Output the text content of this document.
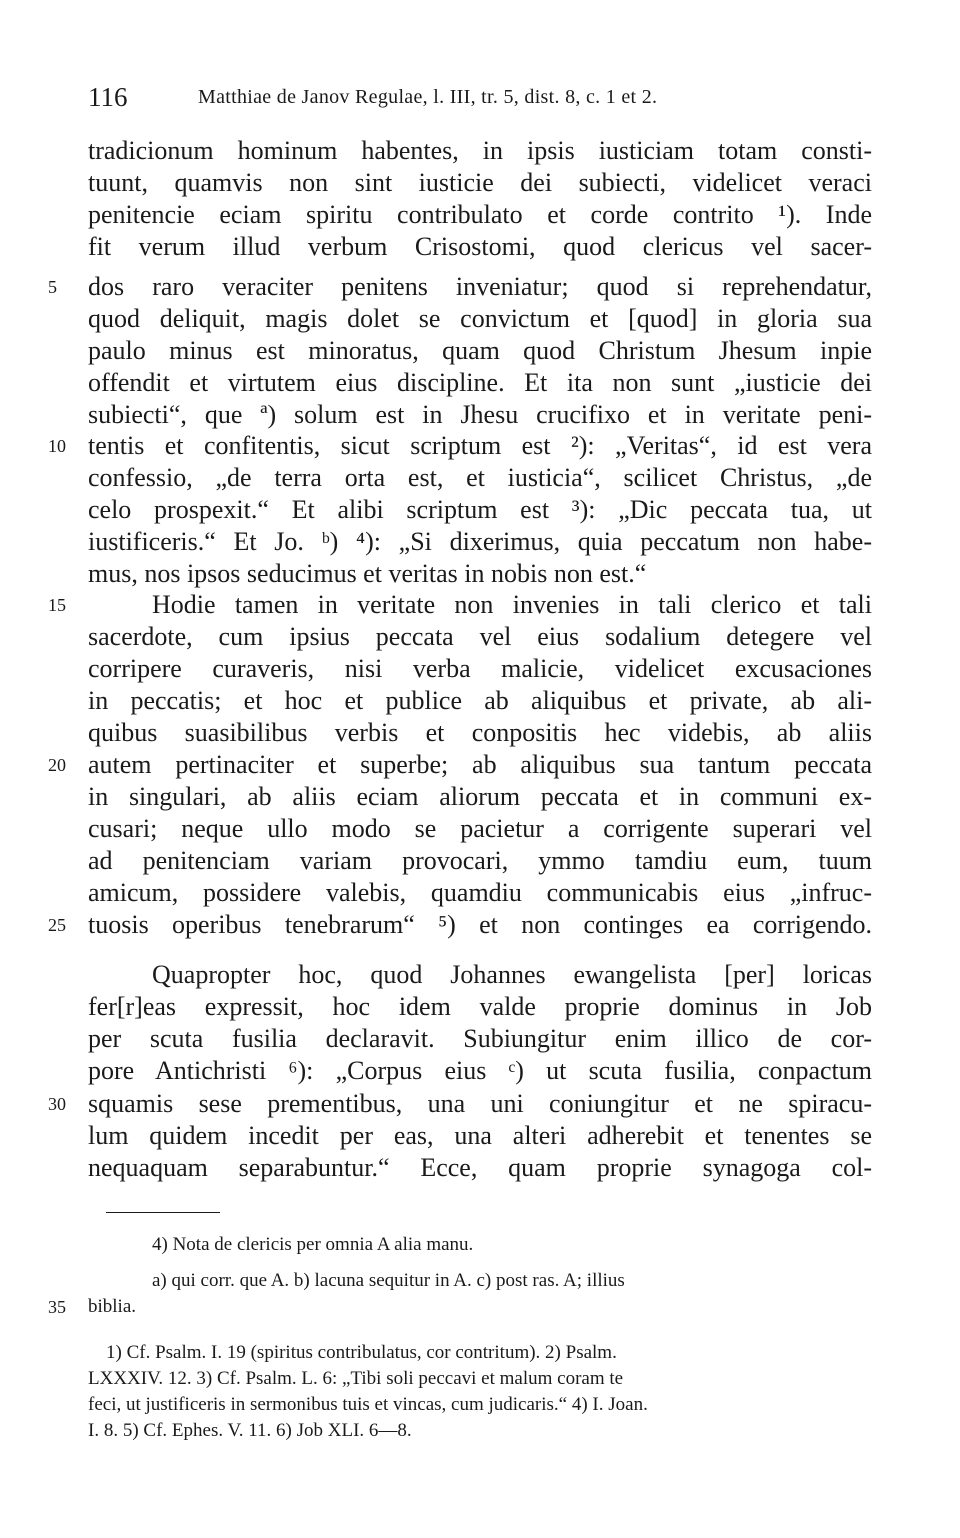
116	Matthiae de Janov Regulae, l. III, tr. 5, dist. 8, c. 1 et 2.
5
10
15
20
25
30
35
tradicionum hominum habentes, in ipsis iusticiam totam consti-
tuunt, quamvis non sint iusticie dei subiecti, videlicet veraci
penitencie eciam spiritu contribulato et corde contrito ¹). Inde
fit verum illud verbum Crisostomi, quod clericus vel sacer-
dos raro veraciter penitens inveniatur; quod si reprehendatur,
quod deliquit, magis dolet se convictum et [quod] in gloria sua
paulo minus est minoratus, quam quod Christum Jhesum inpie
offendit et virtutem eius discipline. Et ita non sunt „iusticie dei
subiecti“, que ª) solum est in Jhesu crucifixo et in veritate peni-
tentis et confitentis, sicut scriptum est ²): „Veritas“, id est vera
confessio, „de terra orta est, et iusticia“, scilicet Christus, „de
celo prospexit.“ Et alibi scriptum est ³): „Dic peccata tua, ut
iustificeris.“ Et Jo. ᵇ) ⁴): „Si dixerimus, quia peccatum non habe-
mus, nos ipsos seducimus et veritas in nobis non est.“
Hodie tamen in veritate non invenies in tali clerico et tali
sacerdote, cum ipsius peccata vel eius sodalium detegere vel
corripere curaveris, nisi verba malicie, videlicet excusaciones
in peccatis; et hoc et publice ab aliquibus et private, ab ali-
quibus suasibilibus verbis et conpositis hec videbis, ab aliis
autem pertinaciter et superbe; ab aliquibus sua tantum peccata
in singulari, ab aliis eciam aliorum peccata et in communi ex-
cusari; neque ullo modo se pacietur a corrigente superari vel
ad penitenciam variam provocari, ymmo tamdiu eum, tuum
amicum, possidere valebis, quamdiu communicabis eius „infruc-
tuosis operibus tenebrarum“ ⁵) et non continges ea corrigendo.
Quapropter hoc, quod Johannes ewangelista [per] loricas
fer[r]eas expressit, hoc idem valde proprie dominus in Job
per scuta fusilia declaravit. Subiungitur enim illico de cor-
pore Antichristi ⁶): „Corpus eius ᶜ) ut scuta fusilia, conpactum
squamis sese prementibus, una uni coniungitur et ne spiracu-
lum quidem incedit per eas, una alteri adherebit et tenentes se
nequaquam separabuntur.“ Ecce, quam proprie synagoga col-
4) Nota de clericis per omnia A alia manu.
a) qui corr. que A. b) lacuna sequitur in A. c) post ras. A; illius
biblia.
1) Cf. Psalm. I. 19 (spiritus contribulatus, cor contritum). 2) Psalm.
LXXXIV. 12. 3) Cf. Psalm. L. 6: „Tibi soli peccavi et malum coram te
feci, ut justificeris in sermonibus tuis et vincas, cum judicaris.“ 4) I. Joan.
I. 8. 5) Cf. Ephes. V. 11. 6) Job XLI. 6—8.
